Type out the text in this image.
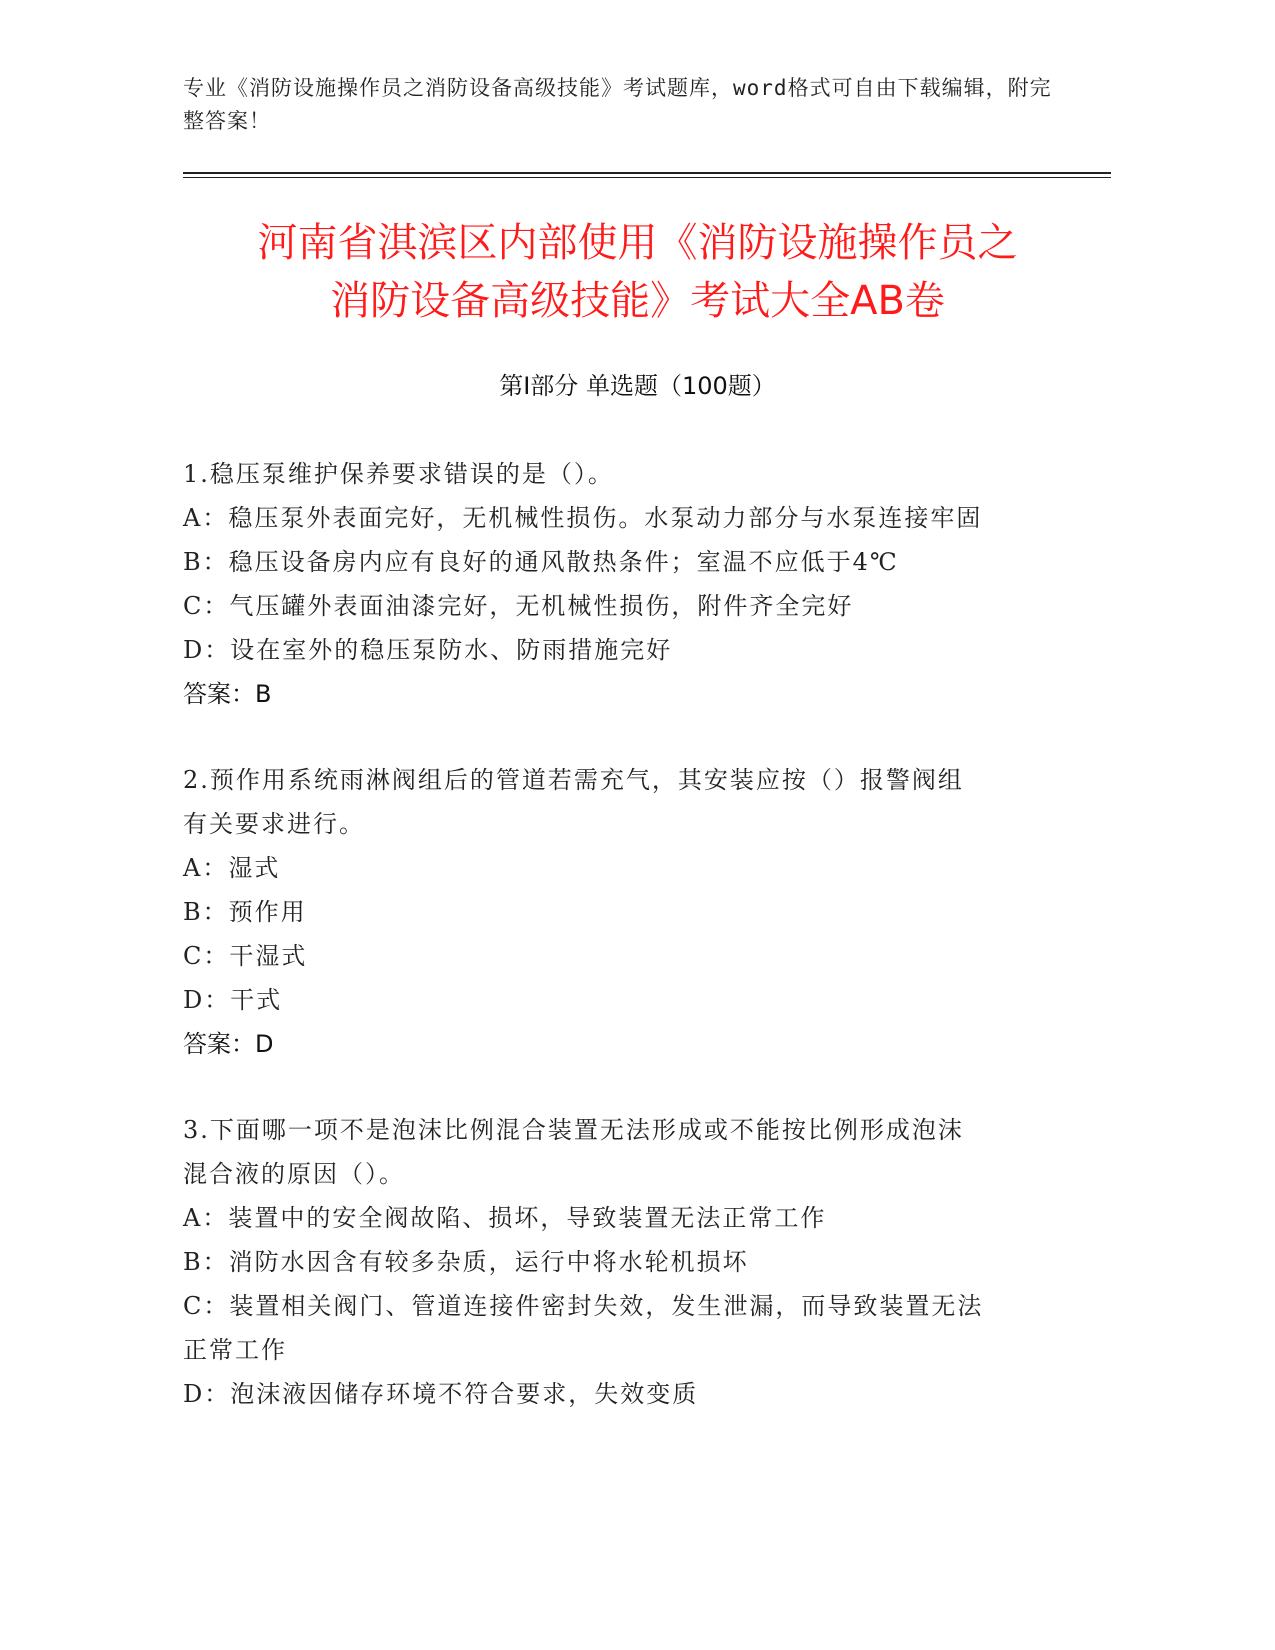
专业《消防设施操作员之消防设备高级技能》考试题库，word格式可自由下载编辑，附完整答案！
河南省淇滨区内部使用《消防设施操作员之
消防设备高级技能》考试大全AB卷
第Ⅰ部分 单选题（100题）
1.稳压泵维护保养要求错误的是（）。
A：稳压泵外表面完好，无机械性损伤。水泵动力部分与水泵连接牢固
B：稳压设备房内应有良好的通风散热条件；室温不应低于4℃
C：气压罐外表面油漆完好，无机械性损伤，附件齐全完好
D：设在室外的稳压泵防水、防雨措施完好
答案：B
2.预作用系统雨淋阀组后的管道若需充气，其安装应按（）报警阀组
有关要求进行。
A：湿式
B：预作用
C：干湿式
D：干式
答案：D
3.下面哪一项不是泡沫比例混合装置无法形成或不能按比例形成泡沫
混合液的原因（）。
A：装置中的安全阀故陷、损坏，导致装置无法正常工作
B：消防水因含有较多杂质，运行中将水轮机损坏
C：装置相关阀门、管道连接件密封失效，发生泄漏，而导致装置无法
正常工作
D：泡沫液因储存环境不符合要求，失效变质
